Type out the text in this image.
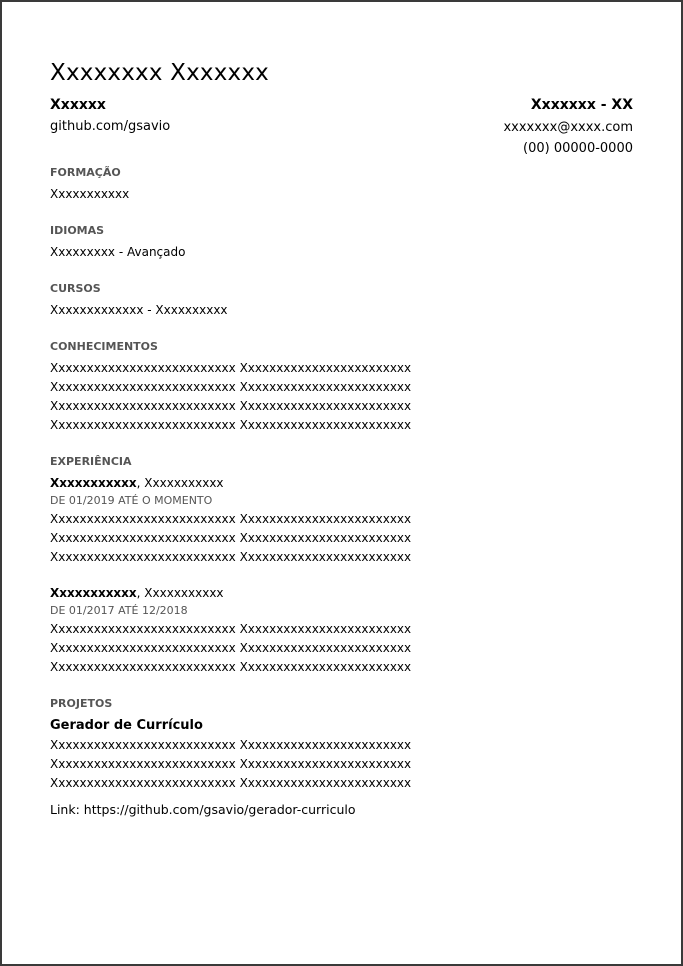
Xxxxxxxx Xxxxxxx
Xxxxxx
github.com/gsavio
Xxxxxxx - XX
xxxxxxx@xxxx.com
(00) 00000-0000
FORMAÇÃO
Xxxxxxxxxxx
IDIOMAS
Xxxxxxxxx - Avançado
CURSOS
Xxxxxxxxxxxxx - Xxxxxxxxxx
CONHECIMENTOS
Xxxxxxxxxxxxxxxxxxxxxxxxxx Xxxxxxxxxxxxxxxxxxxxxxxx
Xxxxxxxxxxxxxxxxxxxxxxxxxx Xxxxxxxxxxxxxxxxxxxxxxxx
Xxxxxxxxxxxxxxxxxxxxxxxxxx Xxxxxxxxxxxxxxxxxxxxxxxx
Xxxxxxxxxxxxxxxxxxxxxxxxxx Xxxxxxxxxxxxxxxxxxxxxxxx
EXPERIÊNCIA
Xxxxxxxxxxx, Xxxxxxxxxxx
DE 01/2019 ATÉ O MOMENTO
Xxxxxxxxxxxxxxxxxxxxxxxxxx Xxxxxxxxxxxxxxxxxxxxxxxx
Xxxxxxxxxxxxxxxxxxxxxxxxxx Xxxxxxxxxxxxxxxxxxxxxxxx
Xxxxxxxxxxxxxxxxxxxxxxxxxx Xxxxxxxxxxxxxxxxxxxxxxxx
Xxxxxxxxxxx, Xxxxxxxxxxx
DE 01/2017 ATÉ 12/2018
Xxxxxxxxxxxxxxxxxxxxxxxxxx Xxxxxxxxxxxxxxxxxxxxxxxx
Xxxxxxxxxxxxxxxxxxxxxxxxxx Xxxxxxxxxxxxxxxxxxxxxxxx
Xxxxxxxxxxxxxxxxxxxxxxxxxx Xxxxxxxxxxxxxxxxxxxxxxxx
PROJETOS
Gerador de Currículo
Xxxxxxxxxxxxxxxxxxxxxxxxxx Xxxxxxxxxxxxxxxxxxxxxxxx
Xxxxxxxxxxxxxxxxxxxxxxxxxx Xxxxxxxxxxxxxxxxxxxxxxxx
Xxxxxxxxxxxxxxxxxxxxxxxxxx Xxxxxxxxxxxxxxxxxxxxxxxx
Link: https://github.com/gsavio/gerador-curriculo
